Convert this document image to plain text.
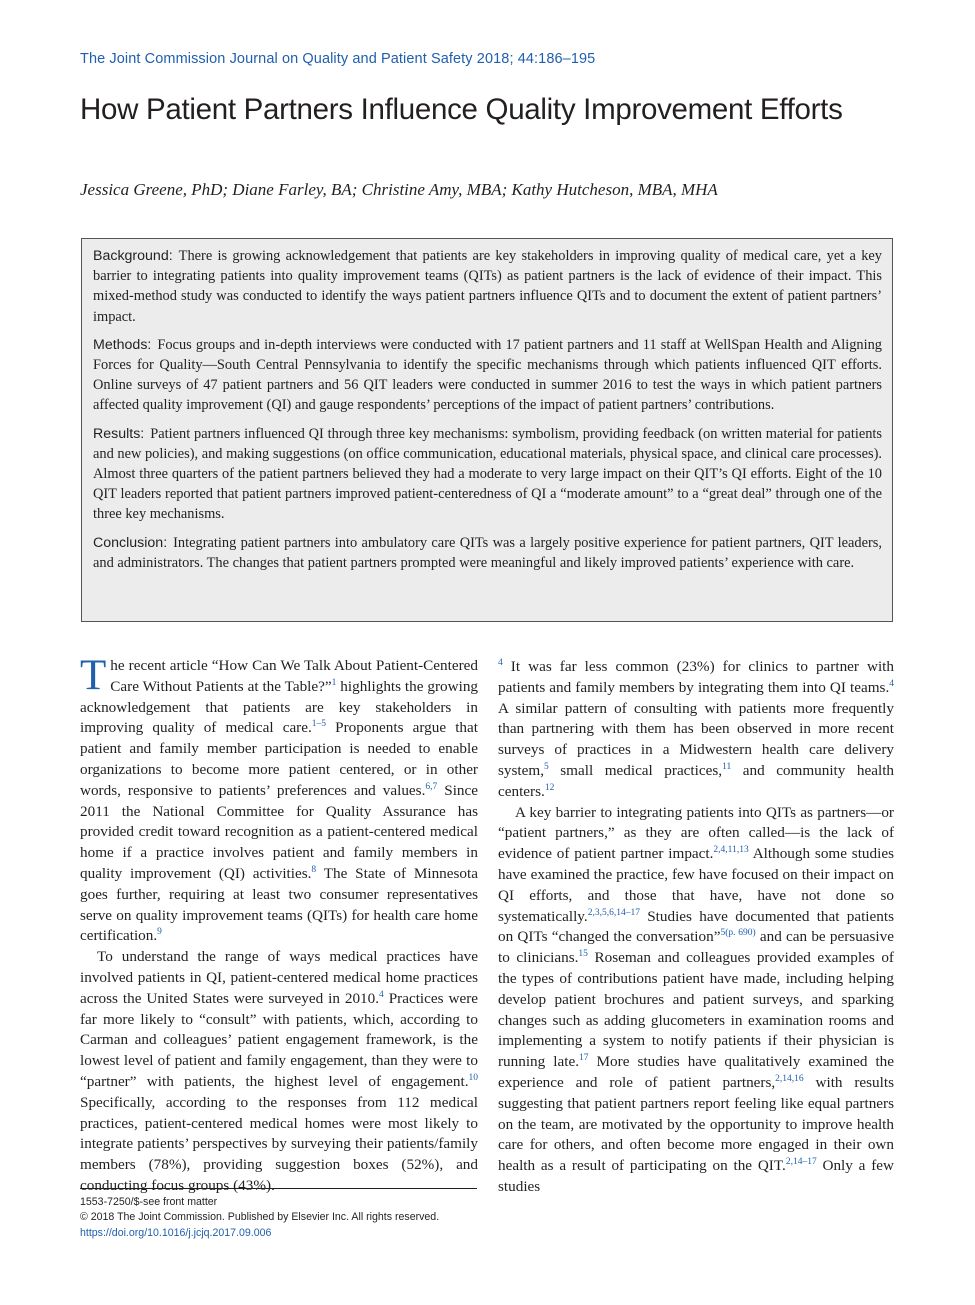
The Joint Commission Journal on Quality and Patient Safety 2018; 44:186–195
How Patient Partners Influence Quality Improvement Efforts
Jessica Greene, PhD; Diane Farley, BA; Christine Amy, MBA; Kathy Hutcheson, MBA, MHA

Background: There is growing acknowledgement that patients are key stakeholders in improving quality of medical care, yet a key barrier to integrating patients into quality improvement teams (QITs) as patient partners is the lack of evidence of their impact. This mixed-method study was conducted to identify the ways patient partners influence QITs and to document the extent of patient partners’ impact.

Methods: Focus groups and in-depth interviews were conducted with 17 patient partners and 11 staff at WellSpan Health and Aligning Forces for Quality—South Central Pennsylvania to identify the specific mechanisms through which patients influenced QIT efforts. Online surveys of 47 patient partners and 56 QIT leaders were conducted in summer 2016 to test the ways in which patient partners affected quality improvement (QI) and gauge respondents’ perceptions of the impact of patient partners’ contributions.

Results: Patient partners influenced QI through three key mechanisms: symbolism, providing feedback (on written material for patients and new policies), and making suggestions (on office communication, educational materials, physical space, and clinical care processes). Almost three quarters of the patient partners believed they had a moderate to very large impact on their QIT’s QI efforts. Eight of the 10 QIT leaders reported that patient partners improved patient-centeredness of QI a “moderate amount” to a “great deal” through one of the three key mechanisms.

Conclusion: Integrating patient partners into ambulatory care QITs was a largely positive experience for patient partners, QIT leaders, and administrators. The changes that patient partners prompted were meaningful and likely improved patients’ experience with care.

The recent article “How Can We Talk About Patient-Centered Care Without Patients at the Table?”$^1$ highlights the growing acknowledgement that patients are key stakeholders in improving quality of medical care.$^{1-5}$ Proponents argue that patient and family member participation is needed to enable organizations to become more patient centered, or in other words, responsive to patients’ preferences and values.$^{6,7}$ Since 2011 the National Committee for Quality Assurance has provided credit toward recognition as a patient-centered medical home if a practice involves patient and family members in quality improvement (QI) activities.$^8$ The State of Minnesota goes further, requiring at least two consumer representatives serve on quality improvement teams (QITs) for health care home certification.$^9$

To understand the range of ways medical practices have involved patients in QI, patient-centered medical home practices across the United States were surveyed in 2010.$^4$ Practices were far more likely to “consult” with patients, which, according to Carman and colleagues’ patient engagement framework, is the lowest level of patient and family engagement, than they were to “partner” with patients, the highest level of engagement.$^{10}$ Specifically, according to the responses from 112 medical practices, patient-centered medical homes were most likely to integrate patients’ perspectives by surveying their patients/family members (78%), providing suggestion boxes (52%), and conducting focus groups (43%).

$^4$ It was far less common (23%) for clinics to partner with patients and family members by integrating them into QI teams.$^4$ A similar pattern of consulting with patients more frequently than partnering with them has been observed in more recent surveys of practices in a Midwestern health care delivery system,$^5$ small medical practices,$^{11}$ and community health centers.$^{12}$

A key barrier to integrating patients into QITs as partners—or “patient partners,” as they are often called—is the lack of evidence of patient partner impact.$^{2,4,11,13}$ Although some studies have examined the practice, few have focused on their impact on QI efforts, and those that have, have not done so systematically.$^{2,3,5,6,14-17}$ Studies have documented that patients on QITs “changed the conversation”$^{5(p. 690)}$ and can be persuasive to clinicians.$^{15}$ Roseman and colleagues provided examples of the types of contributions patient have made, including helping develop patient brochures and patient surveys, and sparking changes such as adding glucometers in examination rooms and implementing a system to notify patients if their physician is running late.$^{17}$ More studies have qualitatively examined the experience and role of patient partners,$^{2,14,16}$ with results suggesting that patient partners report feeling like equal partners on the team, are motivated by the opportunity to improve health care for others, and often become more engaged in their own health as a result of participating on the QIT.$^{2,14-17}$ Only a few studies

1553-7250/$-see front matter
© 2018 The Joint Commission. Published by Elsevier Inc. All rights reserved.
https://doi.org/10.1016/j.jcjq.2017.09.006
